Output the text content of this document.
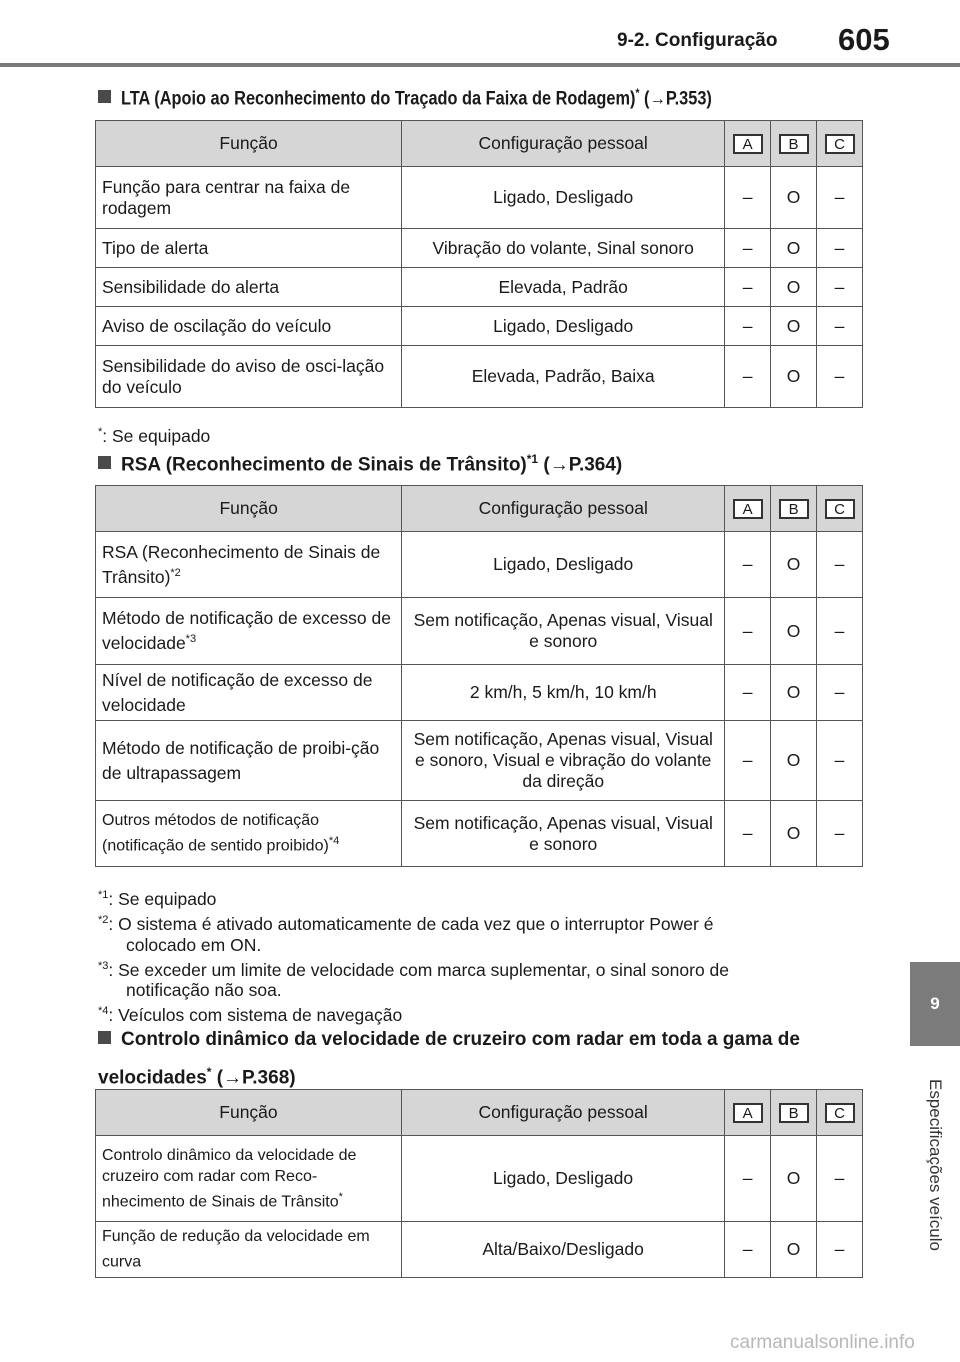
9-2. Configuração 605
9
Especificações veículo
LTA (Apoio ao Reconhecimento do Traçado da Faixa de Rodagem)* (→P.353)
Função	Configuração pessoal	A	B	C
Função para centrar na faixa de rodagem	Ligado, Desligado	–	O	–
Tipo de alerta	Vibração do volante, Sinal sonoro	–	O	–
Sensibilidade do alerta	Elevada, Padrão	–	O	–
Aviso de oscilação do veículo	Ligado, Desligado	–	O	–
Sensibilidade do aviso de osci-lação do veículo	Elevada, Padrão, Baixa	–	O	–
*: Se equipado
RSA (Reconhecimento de Sinais de Trânsito)$^{*1}$ (→P.364)
Função	Configuração pessoal	A	B	C
RSA (Reconhecimento de Sinais de Trânsito)$^{*2}$	Ligado, Desligado	–	O	–
Método de notificação de excesso de velocidade$^{*3}$	Sem notificação, Apenas visual, Visual e sonoro	–	O	–
Nível de notificação de excesso de velocidade	2 km/h, 5 km/h, 10 km/h	–	O	–
Método de notificação de proibi-ção de ultrapassagem	Sem notificação, Apenas visual, Visual e sonoro, Visual e vibração do volante da direção	–	O	–
Outros métodos de notificação (notificação de sentido proibido)$^{*4}$	Sem notificação, Apenas visual, Visual e sonoro	–	O	–
$^{*1}$: Se equipado
$^{*2}$: O sistema é ativado automaticamente de cada vez que o interruptor Power é
colocado em ON.
$^{*3}$: Se exceder um limite de velocidade com marca suplementar, o sinal sonoro de
notificação não soa.
$^{*4}$: Veículos com sistema de navegação
Controlo dinâmico da velocidade de cruzeiro com radar em toda a gama de velocidades* (→P.368)
Função	Configuração pessoal	A	B	C
Controlo dinâmico da velocidade de cruzeiro com radar com Reco-nhecimento de Sinais de Trânsito*	Ligado, Desligado	–	O	–
Função de redução da velocidade em curva	Alta/Baixo/Desligado	–	O	–
carmanualsonline.info
